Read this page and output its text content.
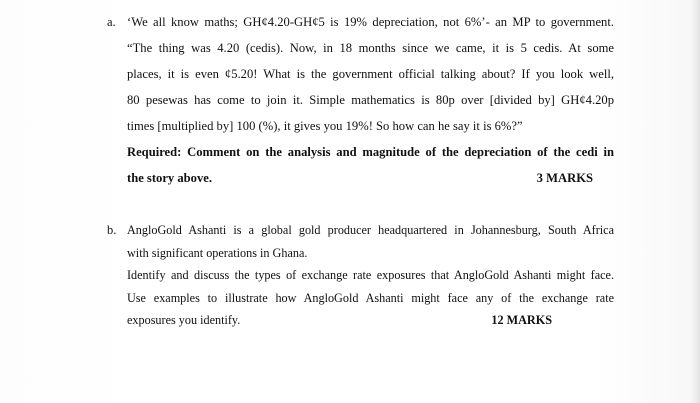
a. ‘We all know maths; GH¢4.20-GH¢5 is 19% depreciation, not 6%’- an MP to government.
“The thing was 4.20 (cedis). Now, in 18 months since we came, it is 5 cedis. At some
places, it is even ¢5.20! What is the government official talking about? If you look well,
80 pesewas has come to join it. Simple mathematics is 80p over [divided by] GH¢4.20p
times [multiplied by] 100 (%), it gives you 19%! So how can he say it is 6%?”
Required: Comment on the analysis and magnitude of the depreciation of the cedi in
the story above.	3 MARKS
b. AngloGold Ashanti is a global gold producer headquartered in Johannesburg, South Africa
with significant operations in Ghana.
Identify and discuss the types of exchange rate exposures that AngloGold Ashanti might face.
Use examples to illustrate how AngloGold Ashanti might face any of the exchange rate
exposures you identify.	12 MARKS
